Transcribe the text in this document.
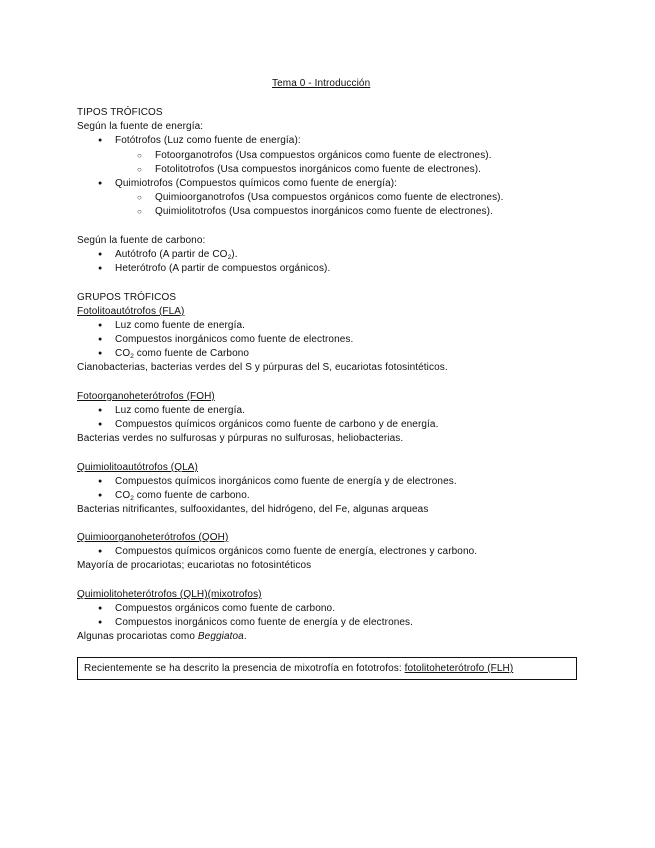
Tema 0 - Introducción
TIPOS TRÓFICOS
Según la fuente de energía:
● Fotótrofos (Luz como fuente de energía):
○ Fotoorganotrofos (Usa compuestos orgánicos como fuente de electrones).
○ Fotolitotrofos (Usa compuestos inorgánicos como fuente de electrones).
● Quimiotrofos (Compuestos químicos como fuente de energía):
○ Quimioorganotrofos (Usa compuestos orgánicos como fuente de electrones).
○ Quimiolitotrofos (Usa compuestos inorgánicos como fuente de electrones).
Según la fuente de carbono:
● Autótrofo (A partir de $CO_2$).
● Heterótrofo (A partir de compuestos orgánicos).
GRUPOS TRÓFICOS
Fotolitoautótrofos (FLA)
● Luz como fuente de energía.
● Compuestos inorgánicos como fuente de electrones.
● $CO_2$ como fuente de Carbono
Cianobacterias, bacterias verdes del S y púrpuras del S, eucariotas fotosintéticos.
Fotoorganoheterótrofos (FOH)
● Luz como fuente de energía.
● Compuestos químicos orgánicos como fuente de carbono y de energía.
Bacterias verdes no sulfurosas y púrpuras no sulfurosas, heliobacterias.
Quimiolitoautótrofos (QLA)
● Compuestos químicos inorgánicos como fuente de energía y de electrones.
● $CO_2$ como fuente de carbono.
Bacterias nitrificantes, sulfooxidantes, del hidrógeno, del Fe, algunas arqueas
Quimioorganoheterótrofos (QOH)
● Compuestos químicos orgánicos como fuente de energía, electrones y carbono.
Mayoría de procariotas; eucariotas no fotosintéticos
Quimiolitoheterótrofos (QLH)(mixotrofos)
● Compuestos orgánicos como fuente de carbono.
● Compuestos inorgánicos como fuente de energía y de electrones.
Algunas procariotas como Beggiatoa.
Recientemente se ha descrito la presencia de mixotrofía en fototrofos: fotolitoheterótrofo (FLH)
